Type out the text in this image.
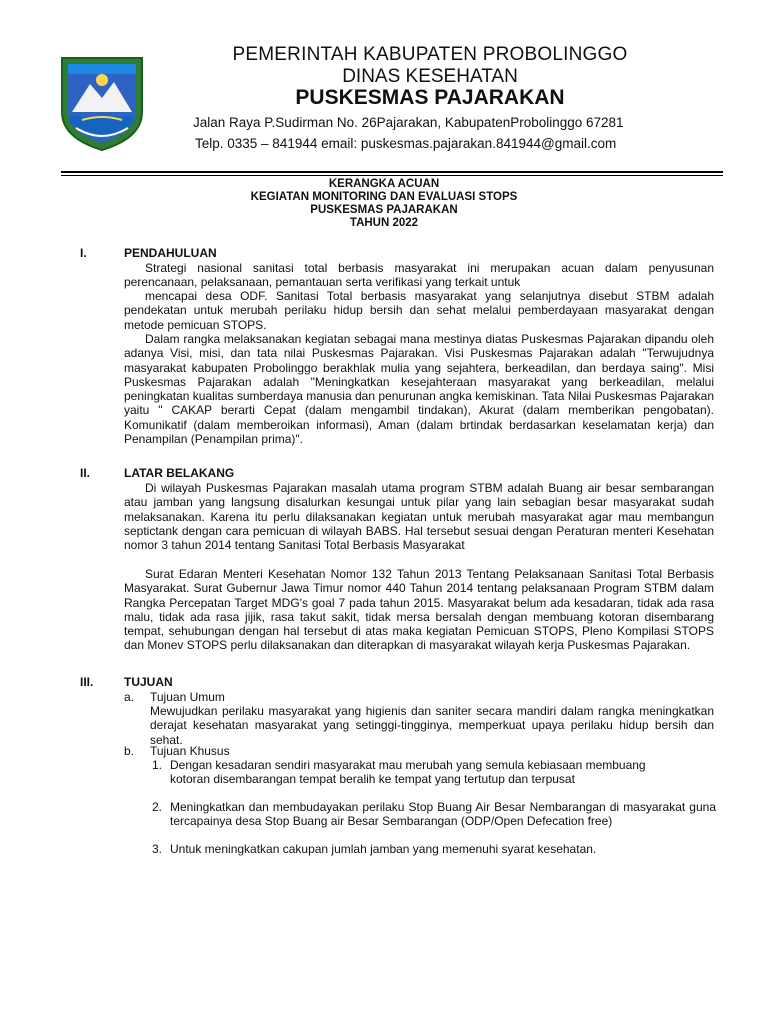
PEMERINTAH KABUPATEN PROBOLINGGO
DINAS KESEHATAN
PUSKESMAS PAJARAKAN
Jalan Raya P.Sudirman No. 26Pajarakan, KabupatenProbolinggo 67281
Telp. 0335 – 841944 email: puskesmas.pajarakan.841944@gmail.com
KERANGKA ACUAN
KEGIATAN MONITORING DAN EVALUASI STOPS
PUSKESMAS PAJARAKAN
TAHUN 2022
I.	PENDAHULUAN
Strategi nasional sanitasi total berbasis masyarakat ini merupakan acuan dalam penyusunan perencanaan, pelaksanaan, pemantauan serta verifikasi yang terkait untuk
mencapai desa ODF. Sanitasi Total berbasis masyarakat yang selanjutnya disebut STBM adalah pendekatan untuk merubah perilaku hidup bersih dan sehat melalui pemberdayaan masyarakat dengan metode pemicuan STOPS.
Dalam rangka melaksanakan kegiatan sebagai mana mestinya diatas Puskesmas Pajarakan dipandu oleh adanya Visi, misi, dan tata nilai Puskesmas Pajarakan. Visi Puskesmas Pajarakan adalah "Terwujudnya masyarakat kabupaten Probolinggo berakhlak mulia yang sejahtera, berkeadilan, dan berdaya saing". Misi Puskesmas Pajarakan adalah "Meningkatkan kesejahteraan masyarakat yang berkeadilan, melalui peningkatan kualitas sumberdaya manusia dan penurunan angka kemiskinan. Tata Nilai Puskesmas Pajarakan yaitu " CAKAP berarti Cepat (dalam mengambil tindakan), Akurat (dalam memberikan pengobatan). Komunikatif (dalam memberoikan informasi), Aman (dalam brtindak berdasarkan keselamatan kerja) dan Penampilan (Penampilan prima)".
II.	LATAR BELAKANG
Di wilayah Puskesmas Pajarakan masalah utama program STBM adalah Buang air besar sembarangan atau jamban yang langsung disalurkan kesungai untuk pilar yang lain sebagian besar masyarakat sudah melaksanakan. Karena itu perlu dilaksanakan kegiatan untuk merubah masyarakat agar mau membangun septictank dengan cara pemicuan di wilayah BABS. Hal tersebut sesuai dengan Peraturan menteri Kesehatan nomor 3 tahun 2014 tentang Sanitasi Total Berbasis Masyarakat
Surat Edaran Menteri Kesehatan Nomor 132 Tahun 2013 Tentang Pelaksanaan Sanitasi Total Berbasis Masyarakat. Surat Gubernur Jawa Timur nomor 440 Tahun 2014 tentang pelaksanaan Program STBM dalam Rangka Percepatan Target MDG's goal 7 pada tahun 2015. Masyarakat belum ada kesadaran, tidak ada rasa malu, tidak ada rasa jijik, rasa takut sakit, tidak mersa bersalah dengan membuang kotoran disembarang tempat, sehubungan dengan hal tersebut di atas maka kegiatan Pemicuan STOPS, Pleno Kompilasi STOPS dan Monev STOPS perlu dilaksanakan dan diterapkan di masyarakat wilayah kerja Puskesmas Pajarakan.
III.	TUJUAN
a. Tujuan Umum
Mewujudkan perilaku masyarakat yang higienis dan saniter secara mandiri dalam rangka meningkatkan derajat kesehatan masyarakat yang setinggi-tingginya, memperkuat upaya perilaku hidup bersih dan sehat.
b. Tujuan Khusus
1. Dengan kesadaran sendiri masyarakat mau merubah yang semula kebiasaan membuang kotoran disembarangan tempat beralih ke tempat yang tertutup dan terpusat
2. Meningkatkan dan membudayakan perilaku Stop Buang Air Besar Nembarangan di masyarakat guna tercapainya desa Stop Buang air Besar Sembarangan (ODP/Open Defecation free)
3. Untuk meningkatkan cakupan jumlah jamban yang memenuhi syarat kesehatan.
